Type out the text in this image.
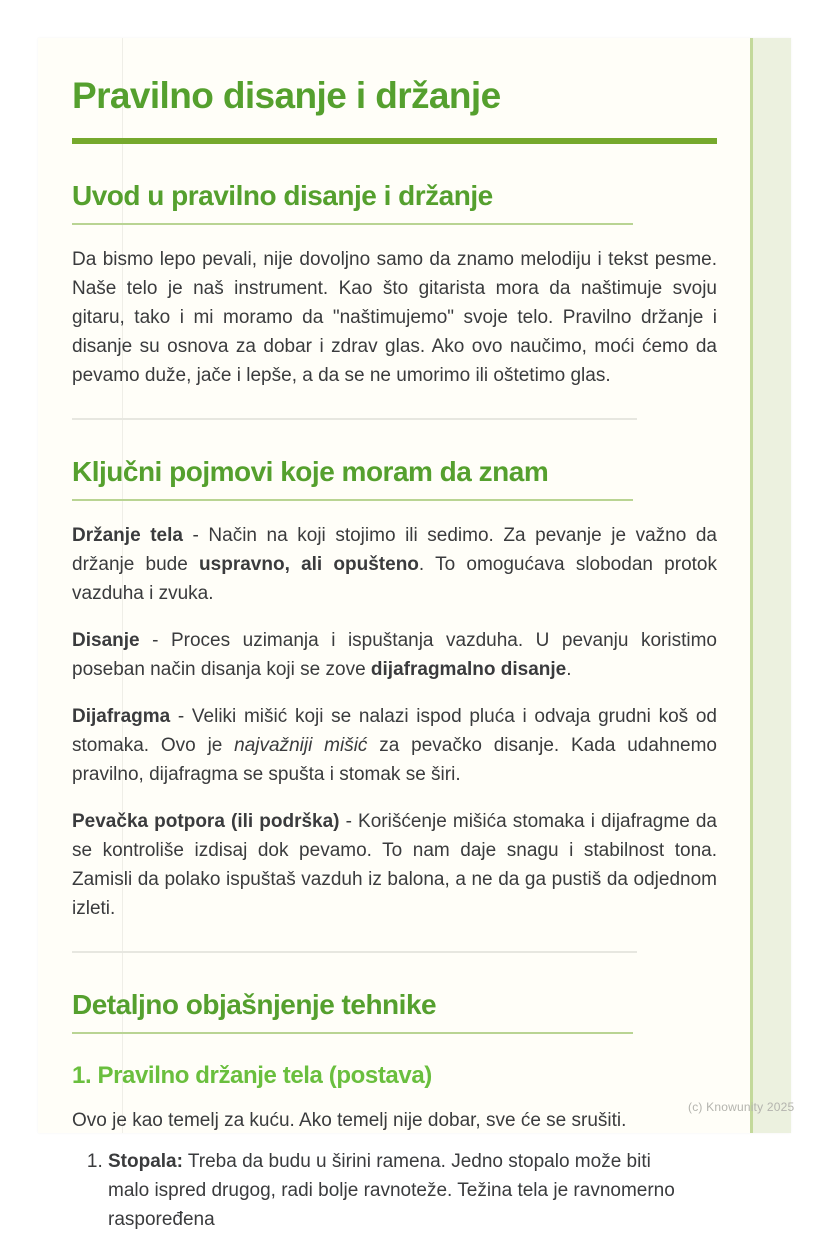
Pravilno disanje i držanje
Uvod u pravilno disanje i držanje

Da bismo lepo pevali, nije dovoljno samo da znamo melodiju i tekst pesme. Naše telo je naš instrument. Kao što gitarista mora da naštimuje svoju gitaru, tako i mi moramo da "naštimujemo" svoje telo. Pravilno držanje i disanje su osnova za dobar i zdrav glas. Ako ovo naučimo, moći ćemo da pevamo duže, jače i lepše, a da se ne umorimo ili oštetimo glas.

Ključni pojmovi koje moram da znam

Držanje tela - Način na koji stojimo ili sedimo. Za pevanje je važno da držanje bude uspravno, ali opušteno. To omogućava slobodan protok vazduha i zvuka.

Disanje - Proces uzimanja i ispuštanja vazduha. U pevanju koristimo poseban način disanja koji se zove dijafragmalno disanje.

Dijafragma - Veliki mišić koji se nalazi ispod pluća i odvaja grudni koš od stomaka. Ovo je najvažniji mišić za pevačko disanje. Kada udahnemo pravilno, dijafragma se spušta i stomak se širi.

Pevačka potpora (ili podrška) - Korišćenje mišića stomaka i dijafragme da se kontroliše izdisaj dok pevamo. To nam daje snagu i stabilnost tona. Zamisli da polako ispuštaš vazduh iz balona, a ne da ga pustiš da odjednom izleti.

Detaljno objašnjenje tehnike
1. Pravilno držanje tela (postava)

Ovo je kao temelj za kuću. Ako temelj nije dobar, sve će se srušiti.

1. Stopala: Treba da budu u širini ramena. Jedno stopalo može biti malo ispred drugog, radi bolje ravnoteže. Težina tela je ravnomerno raspoređena
(c) Knowunity 2025
